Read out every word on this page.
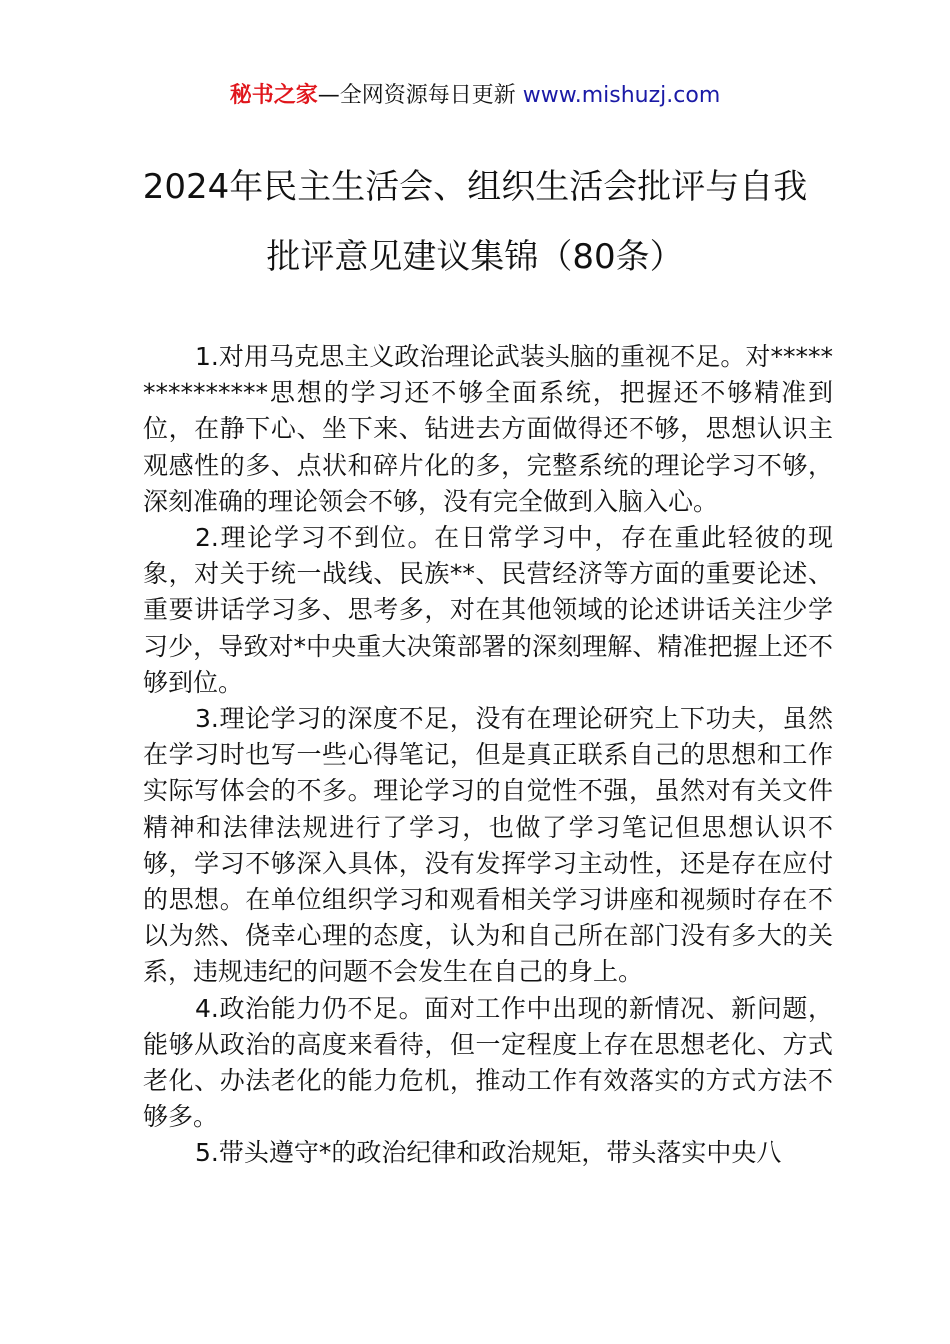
秘书之家—全网资源每日更新 www.mishuzj.com
2024年民主生活会、组织生活会批评与自我批评意见建议集锦（80条）

1.对用马克思主义政治理论武装头脑的重视不足。对***************思想的学习还不够全面系统，把握还不够精准到位，在静下心、坐下来、钻进去方面做得还不够，思想认识主观感性的多、点状和碎片化的多，完整系统的理论学习不够，深刻准确的理论领会不够，没有完全做到入脑入心。

2.理论学习不到位。在日常学习中，存在重此轻彼的现象，对关于统一战线、民族**、民营经济等方面的重要论述、重要讲话学习多、思考多，对在其他领域的论述讲话关注少学习少，导致对*中央重大决策部署的深刻理解、精准把握上还不够到位。

3.理论学习的深度不足，没有在理论研究上下功夫，虽然在学习时也写一些心得笔记，但是真正联系自己的思想和工作实际写体会的不多。理论学习的自觉性不强，虽然对有关文件精神和法律法规进行了学习，也做了学习笔记但思想认识不够，学习不够深入具体，没有发挥学习主动性，还是存在应付的思想。在单位组织学习和观看相关学习讲座和视频时存在不以为然、侥幸心理的态度，认为和自己所在部门没有多大的关系，违规违纪的问题不会发生在自己的身上。

4.政治能力仍不足。面对工作中出现的新情况、新问题，能够从政治的高度来看待，但一定程度上存在思想老化、方式老化、办法老化的能力危机，推动工作有效落实的方式方法不够多。

5.带头遵守*的政治纪律和政治规矩，带头落实中央八
